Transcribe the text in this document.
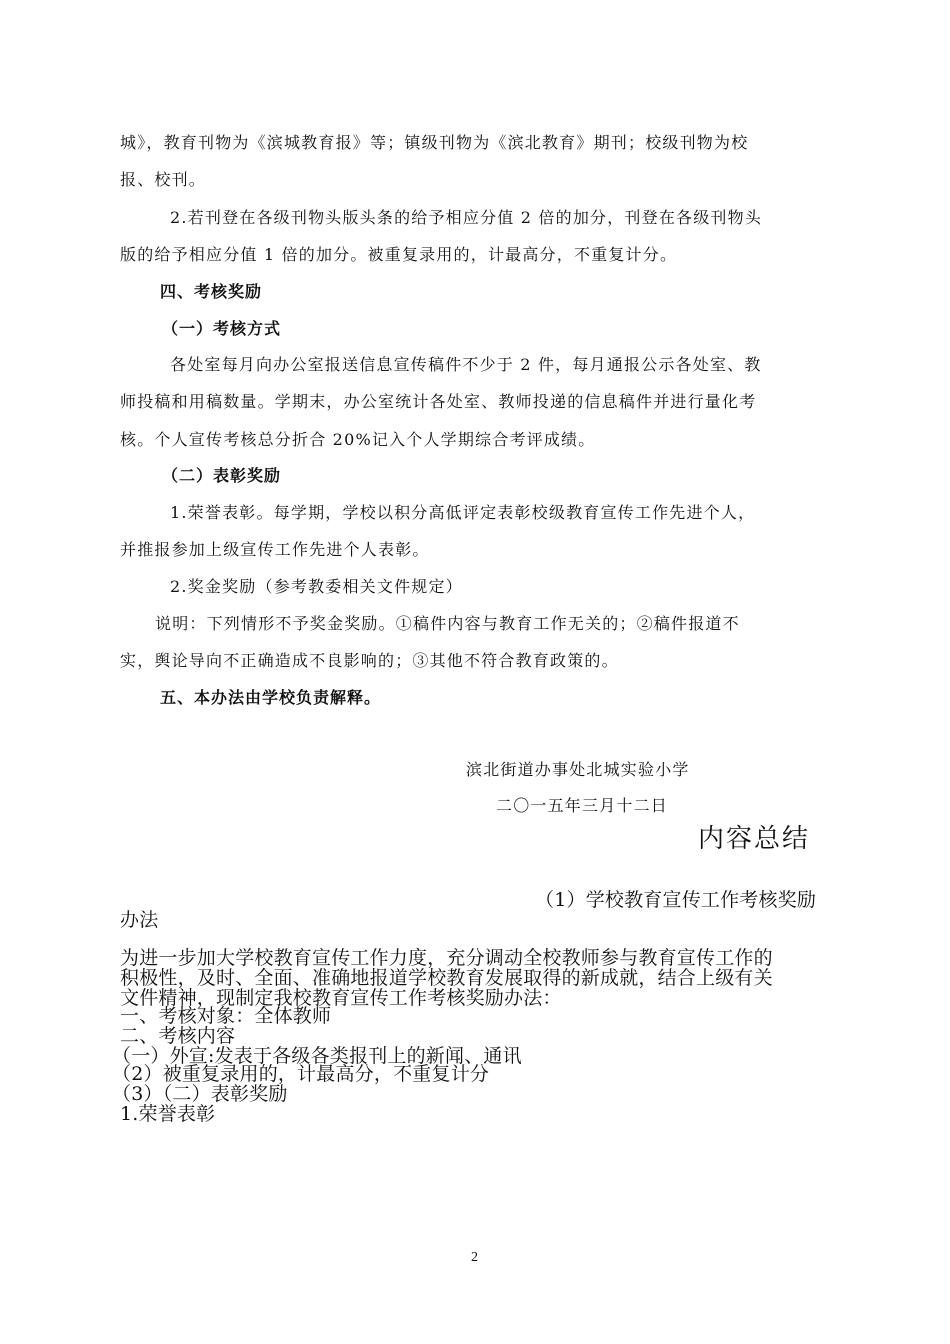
城》，教育刊物为《滨城教育报》等；镇级刊物为《滨北教育》期刊；校级刊物为校
报、校刊。
2.若刊登在各级刊物头版头条的给予相应分值 2 倍的加分，刊登在各级刊物头
版的给予相应分值 1 倍的加分。被重复录用的，计最高分，不重复计分。
四、考核奖励
（一）考核方式
各处室每月向办公室报送信息宣传稿件不少于 2 件，每月通报公示各处室、教
师投稿和用稿数量。学期末，办公室统计各处室、教师投递的信息稿件并进行量化考
核。个人宣传考核总分折合 20%记入个人学期综合考评成绩。
（二）表彰奖励
1.荣誉表彰。每学期，学校以积分高低评定表彰校级教育宣传工作先进个人，
并推报参加上级宣传工作先进个人表彰。
2.奖金奖励（参考教委相关文件规定）
说明：下列情形不予奖金奖励。①稿件内容与教育工作无关的；②稿件报道不
实，舆论导向不正确造成不良影响的；③其他不符合教育政策的。
五、本办法由学校负责解释。
滨北街道办事处北城实验小学
二〇一五年三月十二日
内容总结
（1）学校教育宣传工作考核奖励
办法
为进一步加大学校教育宣传工作力度，充分调动全校教师参与教育宣传工作的
积极性，及时、全面、准确地报道学校教育发展取得的新成就，结合上级有关
文件精神，现制定我校教育宣传工作考核奖励办法：
一、考核对象：全体教师
二、考核内容
（一）外宣:发表于各级各类报刊上的新闻、通讯
（2）被重复录用的，计最高分，不重复计分
（3）（二）表彰奖励
1.荣誉表彰
2
